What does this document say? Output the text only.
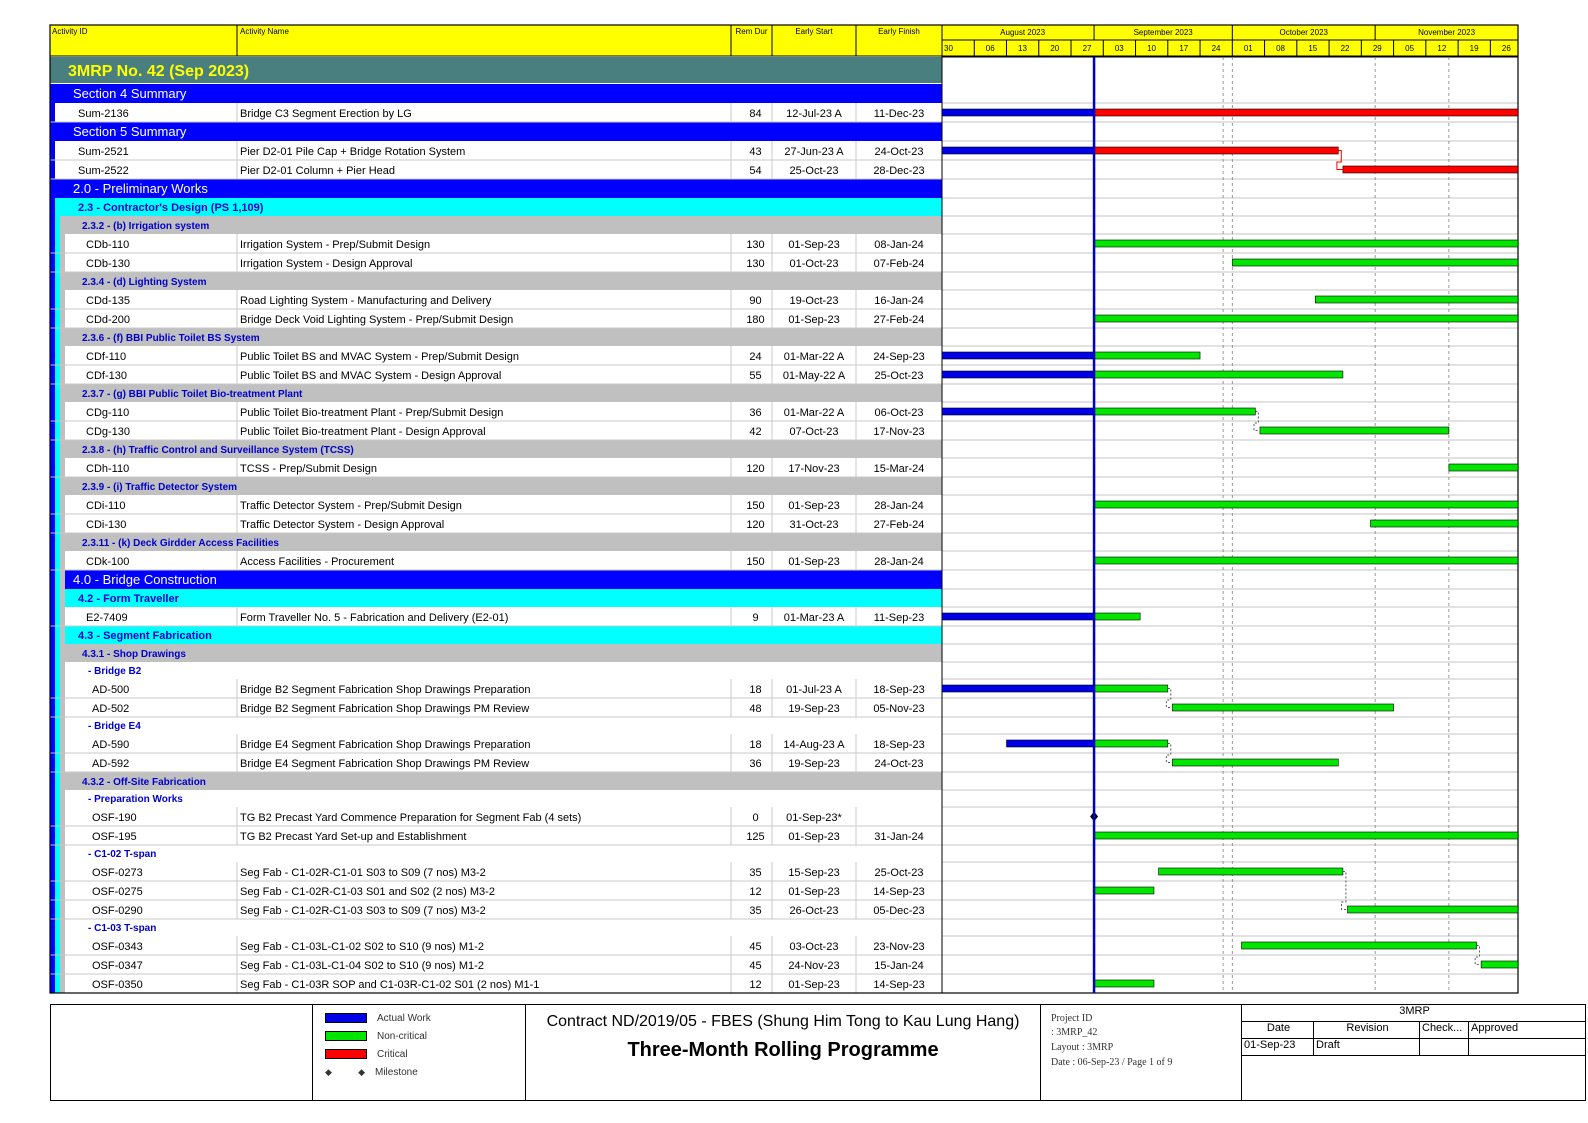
Activity ID	Activity Name	Rem Dur	Early Start	Early Finish	August 2023	September 2023	October 2023	November 2023
30	06	13	20	27	03	10	17	24	01	08	15	22	29	05	12	19	26
3MRP No. 42 (Sep 2023)
Section 4 Summary
Sum-2136	Bridge C3 Segment Erection by LG	84 12-Jul-23 A	11-Dec-23
Section 5 Summary
Sum-2521	Pier D2-01 Pile Cap + Bridge Rotation System	43 27-Jun-23 A	24-Oct-23
Sum-2522	Pier D2-01 Column + Pier Head	54	25-Oct-23	28-Dec-23
2.0 - Preliminary Works
2.3 - Contractor's Design (PS 1,109)
2.3.2 - (b) Irrigation system
CDb-110	Irrigation System - Prep/Submit Design	130 01-Sep-23	08-Jan-24
CDb-130	Irrigation System - Design Approval	130 01-Oct-23	07-Feb-24
2.3.4 - (d) Lighting System
CDd-135	Road Lighting System - Manufacturing and Delivery	90	19-Oct-23	16-Jan-24
CDd-200	Bridge Deck Void Lighting System - Prep/Submit Design	180 01-Sep-23	27-Feb-24
2.3.6 - (f) BBI Public Toilet BS System
CDf-110	Public Toilet BS and MVAC System - Prep/Submit Design	24 01-Mar-22 A	24-Sep-23
CDf-130	Public Toilet BS and MVAC System - Design Approval	55 01-May-22 A	25-Oct-23
2.3.7 - (g) BBI Public Toilet Bio-treatment Plant
CDg-110	Public Toilet Bio-treatment Plant - Prep/Submit Design	36 01-Mar-22 A	06-Oct-23
CDg-130	Public Toilet Bio-treatment Plant - Design Approval	42	07-Oct-23	17-Nov-23
2.3.8 - (h) Traffic Control and Surveillance System (TCSS)
CDh-110	TCSS - Prep/Submit Design	120 17-Nov-23	15-Mar-24
2.3.9 - (i) Traffic Detector System
CDi-110	Traffic Detector System - Prep/Submit Design	150 01-Sep-23	28-Jan-24
CDi-130	Traffic Detector System - Design Approval	120 31-Oct-23	27-Feb-24
2.3.11 - (k) Deck Girdder Access Facilities
CDk-100	Access Facilities - Procurement	150 01-Sep-23	28-Jan-24
4.0 - Bridge Construction
4.2 - Form Traveller
E2-7409	Form Traveller No. 5 - Fabrication and Delivery (E2-01)	9 01-Mar-23 A	11-Sep-23
4.3 - Segment Fabrication
4.3.1 - Shop Drawings
- Bridge B2
AD-500	Bridge B2 Segment Fabrication Shop Drawings Preparation	18 01-Jul-23 A	18-Sep-23
AD-502	Bridge B2 Segment Fabrication Shop Drawings PM Review	48 19-Sep-23	05-Nov-23
- Bridge E4
AD-590	Bridge E4 Segment Fabrication Shop Drawings Preparation	18 14-Aug-23 A	18-Sep-23
AD-592	Bridge E4 Segment Fabrication Shop Drawings PM Review	36 19-Sep-23	24-Oct-23
4.3.2 - Off-Site Fabrication
- Preparation Works
OSF-190	TG B2 Precast Yard Commence Preparation for Segment Fab (4 sets)	0	01-Sep-23*
OSF-195	TG B2 Precast Yard Set-up and Establishment	125 01-Sep-23	31-Jan-24
- C1-02 T-span
OSF-0273	Seg Fab - C1-02R-C1-01 S03 to S09 (7 nos) M3-2	35 15-Sep-23	25-Oct-23
OSF-0275	Seg Fab - C1-02R-C1-03 S01 and S02 (2 nos) M3-2	12 01-Sep-23	14-Sep-23
OSF-0290	Seg Fab - C1-02R-C1-03 S03 to S09 (7 nos) M3-2	35	26-Oct-23	05-Dec-23
- C1-03 T-span
OSF-0343	Seg Fab - C1-03L-C1-02 S02 to S10 (9 nos) M1-2	45	03-Oct-23	23-Nov-23
OSF-0347	Seg Fab - C1-03L-C1-04 S02 to S10 (9 nos) M1-2	45 24-Nov-23	15-Jan-24
OSF-0350	Seg Fab - C1-03R SOP and C1-03R-C1-02 S01 (2 nos) M1-1	12 01-Sep-23	14-Sep-23
Actual Work
Non-critical
Critical
◆	◆ Milestone
Contract ND/2019/05 - FBES (Shung Him Tong to Kau Lung Hang)
Three-Month Rolling Programme
Project ID
: 3MRP_42
Layout : 3MRP
Date : 06-Sep-23 / Page 1 of 9
3MRP
Date	Revision	Check... Approved
01-Sep-23	Draft
